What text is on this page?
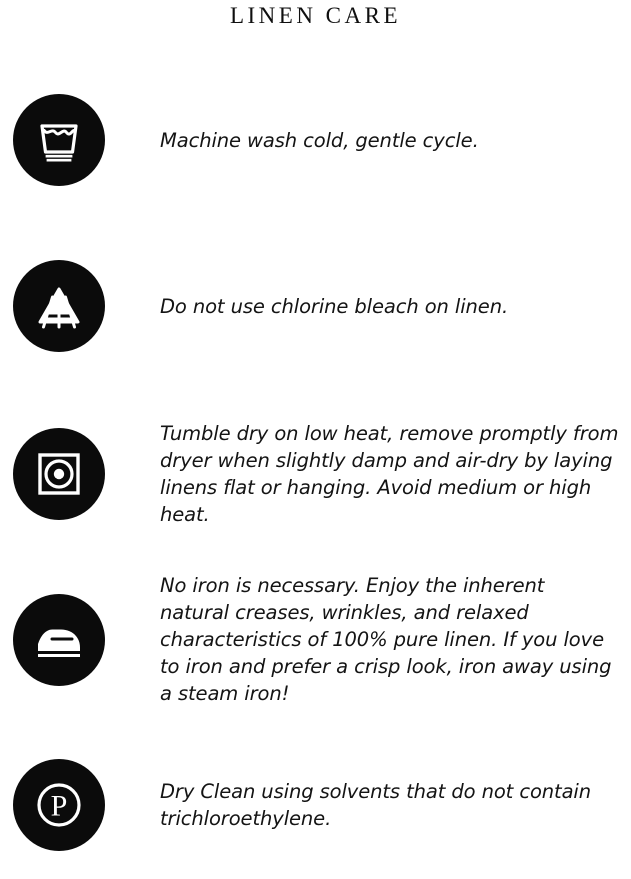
LINEN CARE
Machine wash cold, gentle cycle.
Do not use chlorine bleach on linen.
Tumble dry on low heat, remove promptly from dryer when slightly damp and air-dry by laying linens flat or hanging. Avoid medium or high heat.
No iron is necessary. Enjoy the inherent natural creases, wrinkles, and relaxed characteristics of 100% pure linen. If you love to iron and prefer a crisp look, iron away using a steam iron!
P	Dry Clean using solvents that do not contain trichloroethylene.
